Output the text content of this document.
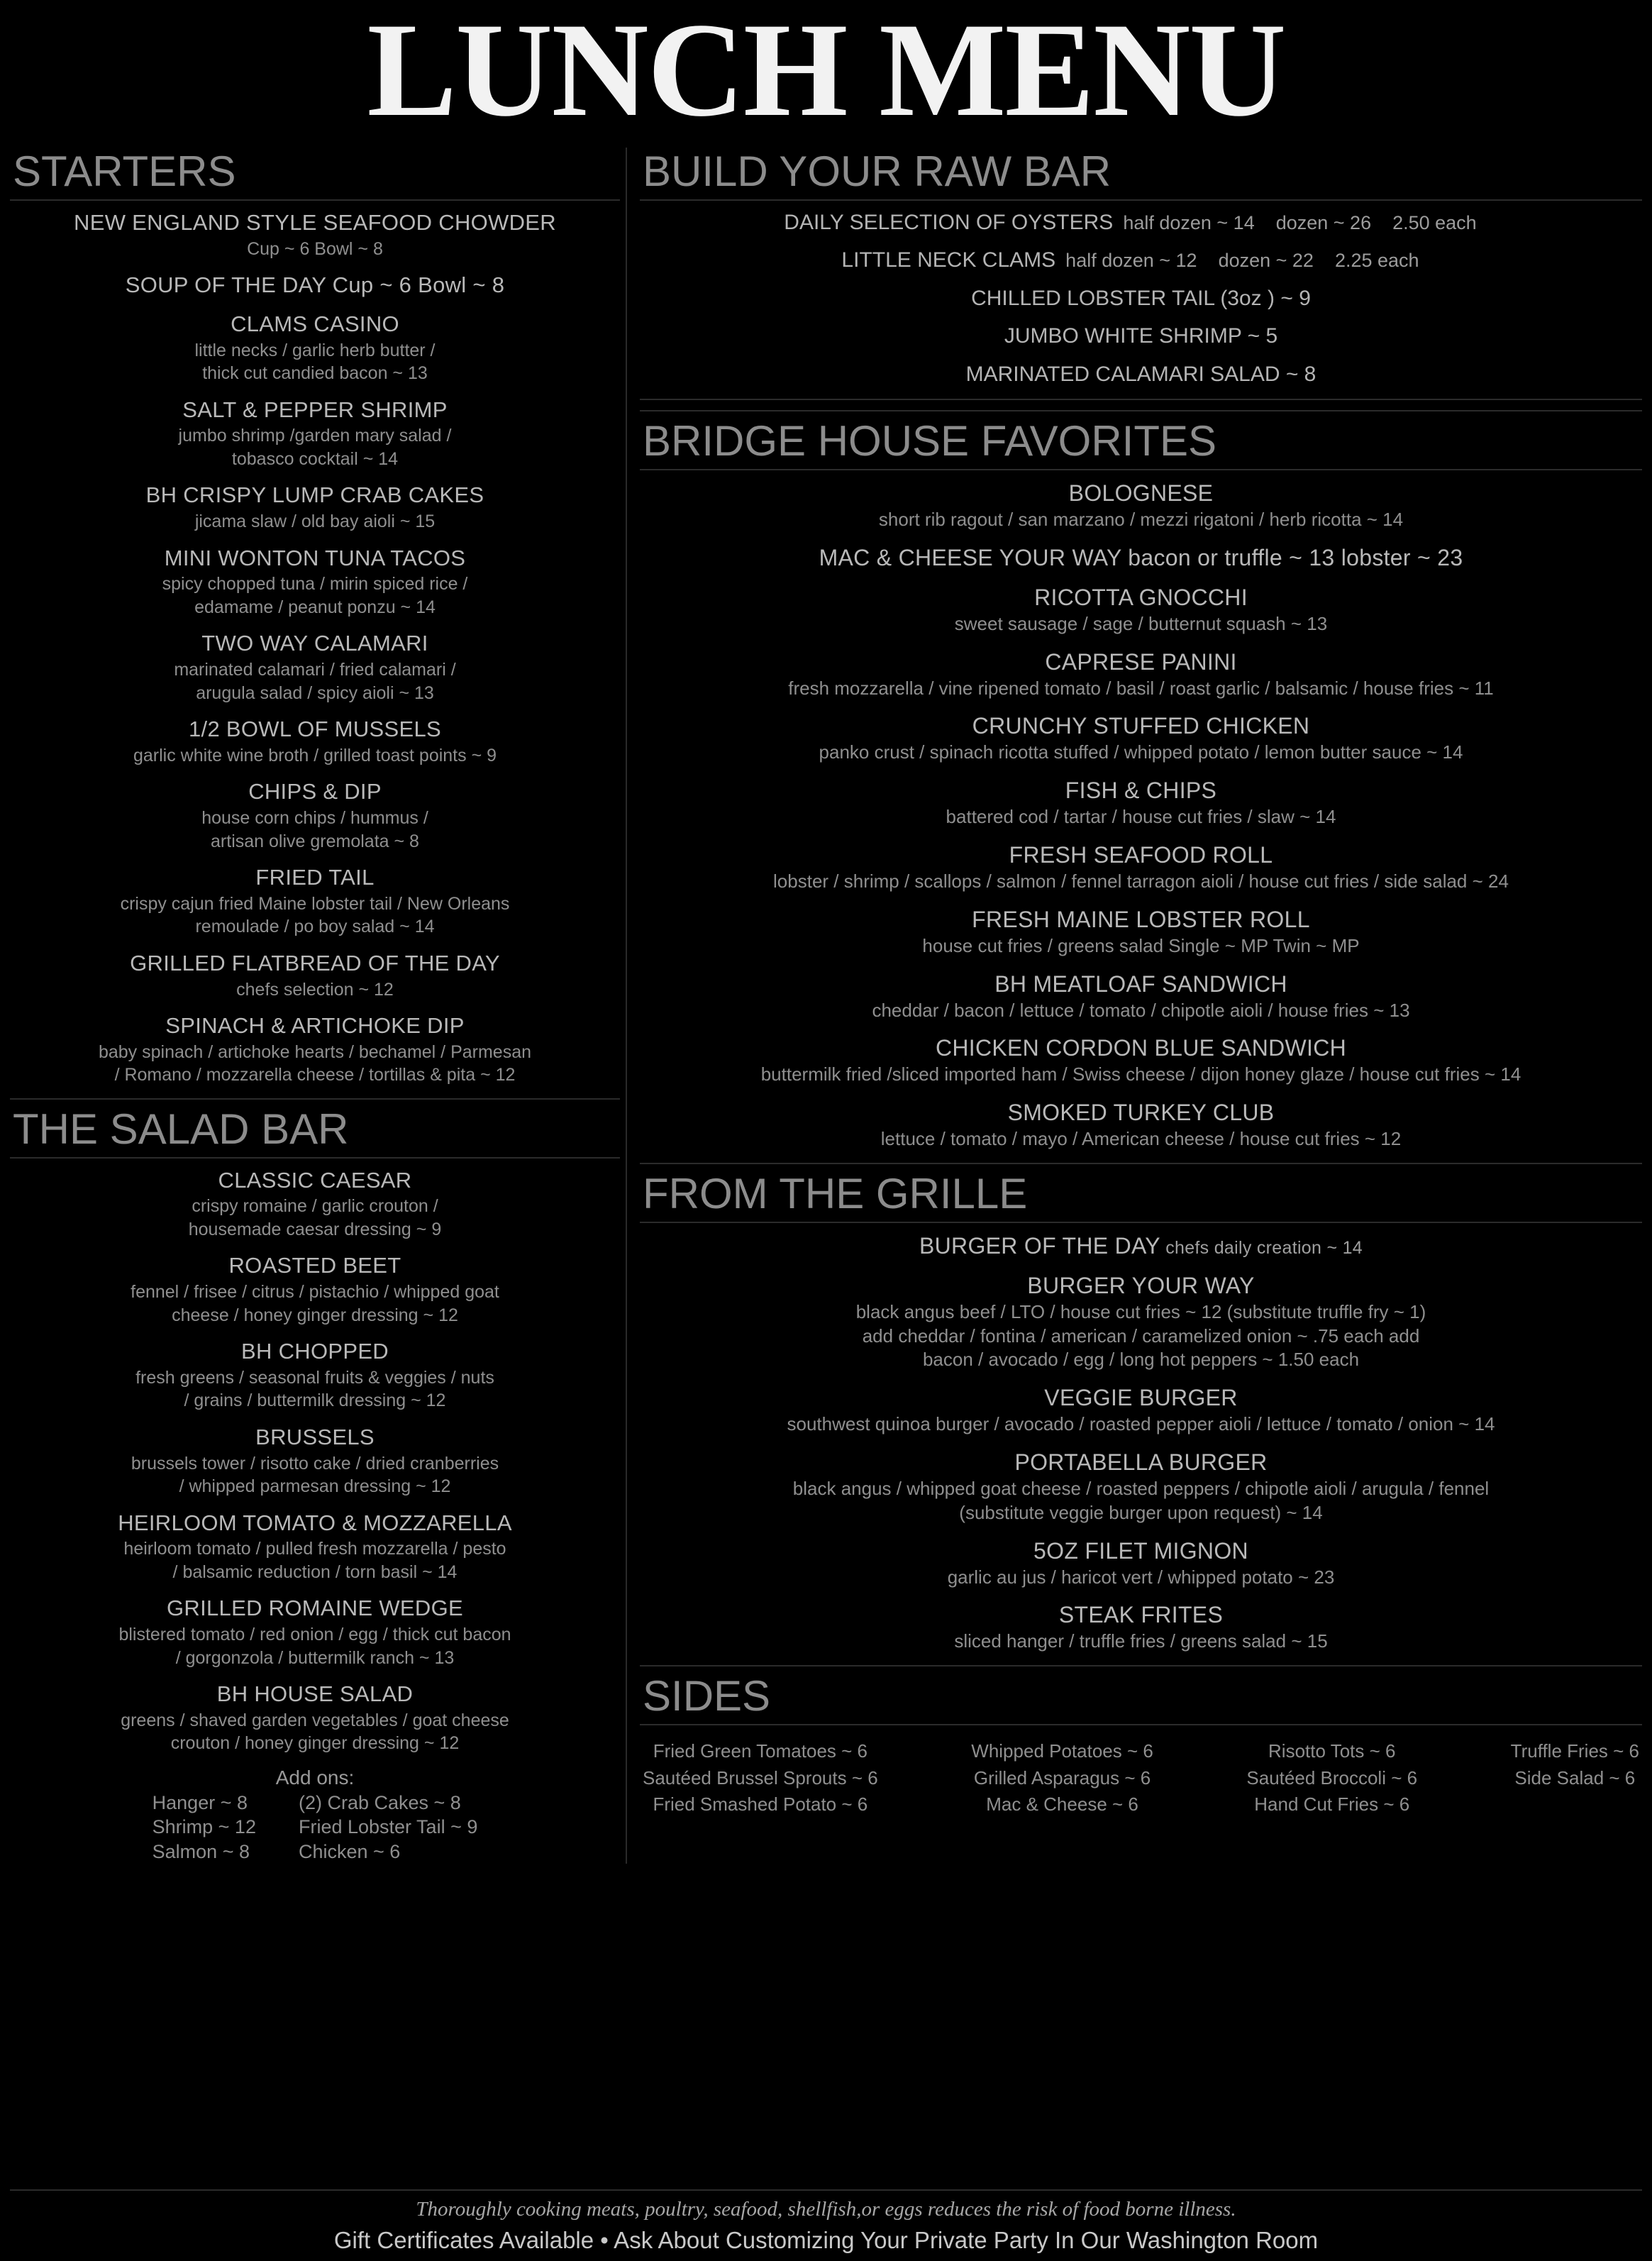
LUNCH MENU
STARTERS
NEW ENGLAND STYLE SEAFOOD CHOWDER
Cup ~ 6 Bowl ~ 8
SOUP OF THE DAY Cup ~ 6 Bowl ~ 8
CLAMS CASINO
little necks / garlic herb butter /
thick cut candied bacon ~ 13
SALT & PEPPER SHRIMP
jumbo shrimp /garden mary salad /
tobasco cocktail ~ 14
BH CRISPY LUMP CRAB CAKES
jicama slaw / old bay aioli ~ 15
MINI WONTON TUNA TACOS
spicy chopped tuna / mirin spiced rice /
edamame / peanut ponzu ~ 14
TWO WAY CALAMARI
marinated calamari / fried calamari /
arugula salad / spicy aioli ~ 13
1/2 BOWL OF MUSSELS
garlic white wine broth / grilled toast points ~ 9
CHIPS & DIP
house corn chips / hummus /
artisan olive gremolata ~ 8
FRIED TAIL
crispy cajun fried Maine lobster tail / New Orleans
remoulade / po boy salad ~ 14
GRILLED FLATBREAD OF THE DAY
chefs selection ~ 12
SPINACH & ARTICHOKE DIP
baby spinach / artichoke hearts / bechamel / Parmesan
/ Romano / mozzarella cheese / tortillas & pita ~ 12
THE SALAD BAR
CLASSIC CAESAR
crispy romaine / garlic crouton /
housemade caesar dressing ~ 9
ROASTED BEET
fennel / frisee / citrus / pistachio / whipped goat
cheese / honey ginger dressing ~ 12
BH CHOPPED
fresh greens / seasonal fruits & veggies / nuts
/ grains / buttermilk dressing ~ 12
BRUSSELS
brussels tower / risotto cake / dried cranberries
/ whipped parmesan dressing ~ 12
HEIRLOOM TOMATO & MOZZARELLA
heirloom tomato / pulled fresh mozzarella / pesto
/ balsamic reduction / torn basil ~ 14
GRILLED ROMAINE WEDGE
blistered tomato / red onion / egg / thick cut bacon
/ gorgonzola / buttermilk ranch ~ 13
BH HOUSE SALAD
greens / shaved garden vegetables / goat cheese
crouton / honey ginger dressing ~ 12
Add ons:
Hanger ~ 8
Shrimp ~ 12
Salmon ~ 8
(2) Crab Cakes ~ 8
Fried Lobster Tail ~ 9
Chicken ~ 6
BUILD YOUR RAW BAR
DAILY SELECTION OF OYSTERS half dozen ~ 14 dozen ~ 26 2.50 each
LITTLE NECK CLAMS half dozen ~ 12 dozen ~ 22 2.25 each
CHILLED LOBSTER TAIL (3oz ) ~ 9
JUMBO WHITE SHRIMP ~ 5
MARINATED CALAMARI SALAD ~ 8
BRIDGE HOUSE FAVORITES
BOLOGNESE
short rib ragout / san marzano / mezzi rigatoni / herb ricotta ~ 14
MAC & CHEESE YOUR WAY bacon or truffle ~ 13 lobster ~ 23
RICOTTA GNOCCHI
sweet sausage / sage / butternut squash ~ 13
CAPRESE PANINI
fresh mozzarella / vine ripened tomato / basil / roast garlic / balsamic / house fries ~ 11
CRUNCHY STUFFED CHICKEN
panko crust / spinach ricotta stuffed / whipped potato / lemon butter sauce ~ 14
FISH & CHIPS
battered cod / tartar / house cut fries / slaw ~ 14
FRESH SEAFOOD ROLL
lobster / shrimp / scallops / salmon / fennel tarragon aioli / house cut fries / side salad ~ 24
FRESH MAINE LOBSTER ROLL
house cut fries / greens salad Single ~ MP Twin ~ MP
BH MEATLOAF SANDWICH
cheddar / bacon / lettuce / tomato / chipotle aioli / house fries ~ 13
CHICKEN CORDON BLUE SANDWICH
buttermilk fried /sliced imported ham / Swiss cheese / dijon honey glaze / house cut fries ~ 14
SMOKED TURKEY CLUB
lettuce / tomato / mayo / American cheese / house cut fries ~ 12
FROM THE GRILLE
BURGER OF THE DAY chefs daily creation ~ 14
BURGER YOUR WAY
black angus beef / LTO / house cut fries ~ 12 (substitute truffle fry ~ 1)
add cheddar / fontina / american / caramelized onion ~ .75 each add
bacon / avocado / egg / long hot peppers ~ 1.50 each
VEGGIE BURGER
southwest quinoa burger / avocado / roasted pepper aioli / lettuce / tomato / onion ~ 14
PORTABELLA BURGER
black angus / whipped goat cheese / roasted peppers / chipotle aioli / arugula / fennel
(substitute veggie burger upon request) ~ 14
5OZ FILET MIGNON
garlic au jus / haricot vert / whipped potato ~ 23
STEAK FRITES
sliced hanger / truffle fries / greens salad ~ 15
SIDES
Fried Green Tomatoes ~ 6
Sautéed Brussel Sprouts ~ 6
Fried Smashed Potato ~ 6
Whipped Potatoes ~ 6
Grilled Asparagus ~ 6
Mac & Cheese ~ 6
Risotto Tots ~ 6
Sautéed Broccoli ~ 6
Hand Cut Fries ~ 6
Truffle Fries ~ 6
Side Salad ~ 6
Thoroughly cooking meats, poultry, seafood, shellfish,or eggs reduces the risk of food borne illness.
Gift Certificates Available • Ask About Customizing Your Private Party In Our Washington Room
